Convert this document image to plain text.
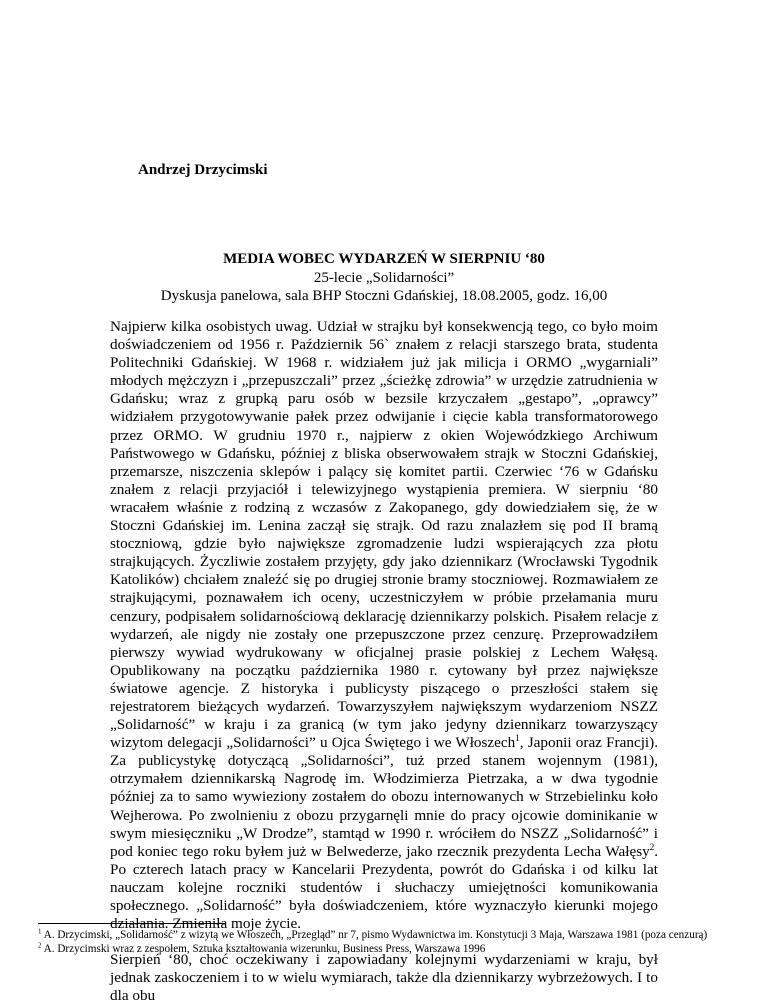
Andrzej Drzycimski

MEDIA WOBEC WYDARZEŃ W SIERPNIU ‘80

25-lecie „Solidarności”

Dyskusja panelowa, sala BHP Stoczni Gdańskiej, 18.08.2005, godz. 16,00

Najpierw kilka osobistych uwag. Udział w strajku był konsekwencją tego, co było moim doświadczeniem od 1956 r. Październik 56` znałem z relacji starszego brata, studenta Politechniki Gdańskiej. W 1968 r. widziałem już jak milicja i ORMO „wygarniali” młodych mężczyzn i „przepuszczali” przez „ścieżkę zdrowia” w urzędzie zatrudnienia w Gdańsku; wraz z grupką paru osób w bezsile krzyczałem „gestapo”, „oprawcy” widziałem przygotowywanie pałek przez odwijanie i cięcie kabla transformatorowego przez ORMO. W grudniu 1970 r., najpierw z okien Wojewódzkiego Archiwum Państwowego w Gdańsku, później z bliska obserwowałem strajk w Stoczni Gdańskiej, przemarsze, niszczenia sklepów i palący się komitet partii. Czerwiec ‘76 w Gdańsku znałem z relacji przyjaciół i telewizyjnego wystąpienia premiera. W sierpniu ‘80 wracałem właśnie z rodziną z wczasów z Zakopanego, gdy dowiedziałem się, że w Stoczni Gdańskiej im. Lenina zaczął się strajk. Od razu znalazłem się pod II bramą stoczniową, gdzie było największe zgromadzenie ludzi wspierających zza płotu strajkujących. Życzliwie zostałem przyjęty, gdy jako dziennikarz (Wrocławski Tygodnik Katolików) chciałem znaleźć się po drugiej stronie bramy stoczniowej. Rozmawiałem ze strajkującymi, poznawałem ich oceny, uczestniczyłem w próbie przełamania muru cenzury, podpisałem solidarnościową deklarację dziennikarzy polskich. Pisałem relacje z wydarzeń, ale nigdy nie zostały one przepuszczone przez cenzurę. Przeprowadziłem pierwszy wywiad wydrukowany w oficjalnej prasie polskiej z Lechem Wałęsą. Opublikowany na początku października 1980 r. cytowany był przez największe światowe agencje. Z historyka i publicysty piszącego o przeszłości stałem się rejestratorem bieżących wydarzeń. Towarzyszyłem największym wydarzeniom NSZZ „Solidarność” w kraju i za granicą (w tym jako jedyny dziennikarz towarzyszący wizytom delegacji „Solidarności” u Ojca Świętego i we Włoszech$^1$, Japonii oraz Francji). Za publicystykę dotyczącą „Solidarności”, tuż przed stanem wojennym (1981), otrzymałem dziennikarską Nagrodę im. Włodzimierza Pietrzaka, a w dwa tygodnie później za to samo wywieziony zostałem do obozu internowanych w Strzebielinku koło Wejherowa. Po zwolnieniu z obozu przygarnęli mnie do pracy ojcowie dominikanie w swym miesięczniku „W Drodze”, stamtąd w 1990 r. wróciłem do NSZZ „Solidarność” i pod koniec tego roku byłem już w Belwederze, jako rzecznik prezydenta Lecha Wałęsy$^2$. Po czterech latach pracy w Kancelarii Prezydenta, powrót do Gdańska i od kilku lat nauczam kolejne roczniki studentów i słuchaczy umiejętności komunikowania społecznego. „Solidarność” była doświadczeniem, które wyznaczyło kierunki mojego działania. Zmieniła moje życie.

Sierpień ‘80, choć oczekiwany i zapowiadany kolejnymi wydarzeniami w kraju, był jednak zaskoczeniem i to w wielu wymiarach, także dla dziennikarzy wybrzeżowych. I to dla obu

$^1$ A. Drzycimski, „Solidarność” z wizytą we Włoszech, „Przegląd” nr 7, pismo Wydawnictwa im. Konstytucji 3 Maja, Warszawa 1981 (poza cenzurą)

$^2$ A. Drzycimski wraz z zespołem, Sztuka kształtowania wizerunku, Business Press, Warszawa 1996
